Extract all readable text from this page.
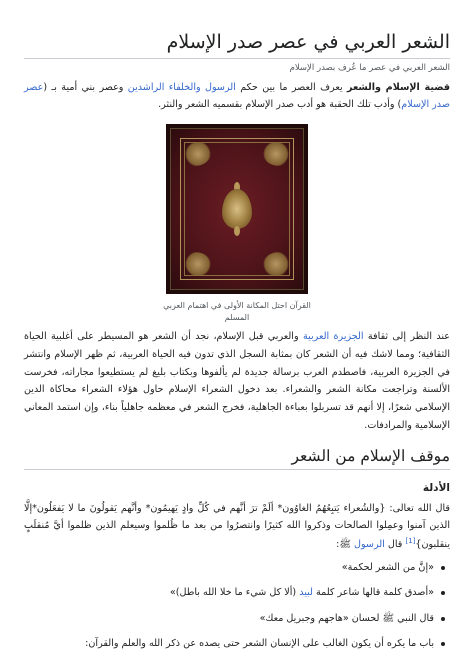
الشعر العربي في عصر صدر الإسلام
الشعر العربي في عصر ما عُرف بصدر الإسلام

قضية الإسلام والشعر يعرف العصر ما بين حكم الرسول والخلفاء الراشدين وعصر بني أمية بـ (عصر صدر الإسلام) وأدب تلك الحقبة هو أدب صدر الإسلام بقسميه الشعر والنثر.

القرآن احتل المكانة الأولى في اهتمام العربي المسلم

عند النظر إلى ثقافة الجزيرة العربية والعربي قبل الإسلام، نجد أن الشعر هو المسيطر على أغلبية الحياة الثقافية؛ ومما لاشك فيه أن الشعر كان بمثابة السجل الذي تدون فيه الحياة العربية، ثم ظهر الإسلام وانتشر في الجزيرة العربية، فاصطدم العرب برسالة جديدة لم يألفوها وبكتاب بليغ لم يستطيعوا مجاراته، فخرست الألسنة وتراجعت مكانة الشعر والشعراء. بعد دخول الشعراء الإسلام حاول هؤلاء الشعراء محاكاة الدين الإسلامي شعرًا، إلا أنهم قد تسربلوا بعباءة الجاهلية، فخرج الشعر في معظمه جاهلياً بناء، وإن استمد المعاني الإسلامية والمرادفات.

موقف الإسلام من الشعر
الأدلة

قال الله تعالى: {والشُعراء يَتبِعُهُمُ الغاوُون* ألَمْ ترَ أنَّهم في كُلِّ وادٍ يَهيمُون* وأنَّهم يَقولُونَ ما لا يَفعَلُون*إلَّا الذين آمنوا وعمِلوا الصالحات وذكروا الله كثيرًا وانتصرُوا من بعد ما ظُلموا وسيعلم الذين ظلموا أيَّ مُنقلَبٍ ينقلبون}[1] قال الرسول ﷺ:

«إنَّ من الشعر لحكمة»
«أصدق كلمة قالها شاعر كلمة لبيد (ألا كل شيء ما خلا الله باطل)»
قال النبي ﷺ لحسان «هاجهم وجبريل معك»
باب ما يكره أن يكون الغالب على الإنسان الشعر حتى يصده عن ذكر الله والعلم والقرآن:
